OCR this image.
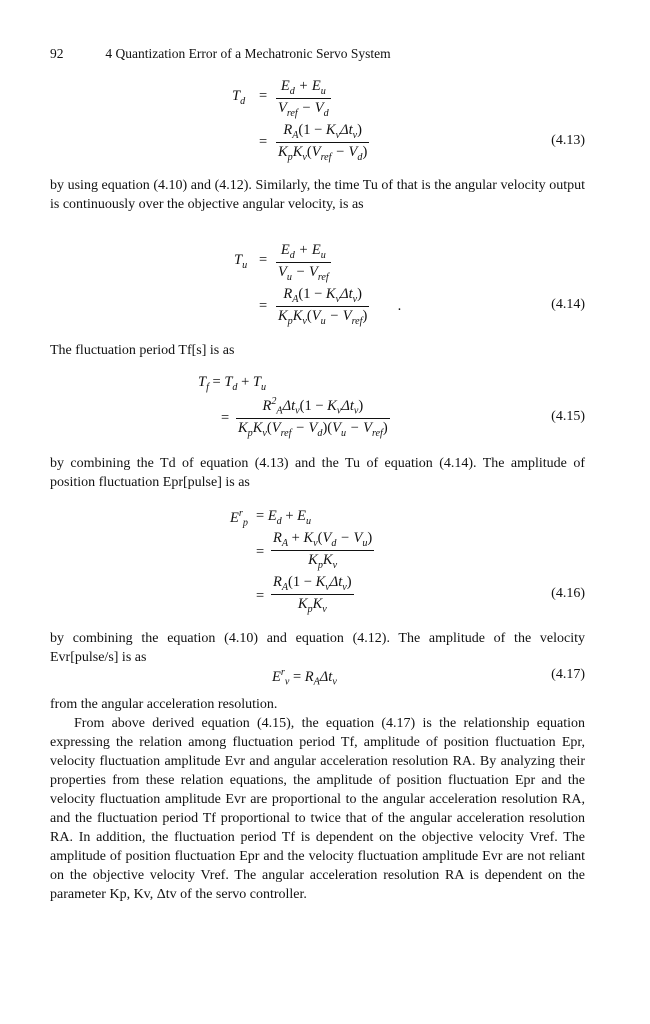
92	4 Quantization Error of a Mechatronic Servo System
$T_d$ =
$E_d + E_u$
$V_{ref} - V_d$
=
$R_A(1 - K_v\Delta t_v)$
$K_pK_v(V_{ref} - V_d)$
(4.13)

by using equation (4.10) and (4.12). Similarly, the time Tu of that is the angular velocity output is continuously over the objective angular velocity, is as

$T_u$ =
$E_d + E_u$
$V_u - V_{ref}$
=
$R_A(1 - K_v\Delta t_v)$
$K_pK_v(V_u - V_{ref})$
.	(4.14)

The fluctuation period Tf[s] is as

$T_f = T_d + T_u$
=
$R^2_A\Delta t_v(1 - K_v\Delta t_v)$
$K_pK_v(V_{ref} - V_d)(V_u - V_{ref})$
(4.15)

by combining the Td of equation (4.13) and the Tu of equation (4.14). The amplitude of position fluctuation Epr[pulse] is as

$E^r_p = E_d + E_u$
=
$R_A + K_v(V_d - V_u)$
$K_pK_v$
=
$R_A(1 - K_v\Delta t_v)$
$K_pK_v$
(4.16)

by combining the equation (4.10) and equation (4.12). The amplitude of the velocity Evr[pulse/s] is as

$E^r_v = R_A\Delta t_v$
(4.17)

from the angular acceleration resolution.

From above derived equation (4.15), the equation (4.17) is the relationship equation expressing the relation among fluctuation period Tf, amplitude of position fluctuation Epr, velocity fluctuation amplitude Evr and angular acceleration resolution RA. By analyzing their properties from these relation equations, the amplitude of position fluctuation Epr and the velocity fluctuation amplitude Evr are proportional to the angular acceleration resolution RA, and the fluctuation period Tf proportional to twice that of the angular acceleration resolution RA. In addition, the fluctuation period Tf is dependent on the objective velocity Vref. The amplitude of position fluctuation Epr and the velocity fluctuation amplitude Evr are not reliant on the objective velocity Vref. The angular acceleration resolution RA is dependent on the parameter Kp, Kv, Δtv of the servo controller.
